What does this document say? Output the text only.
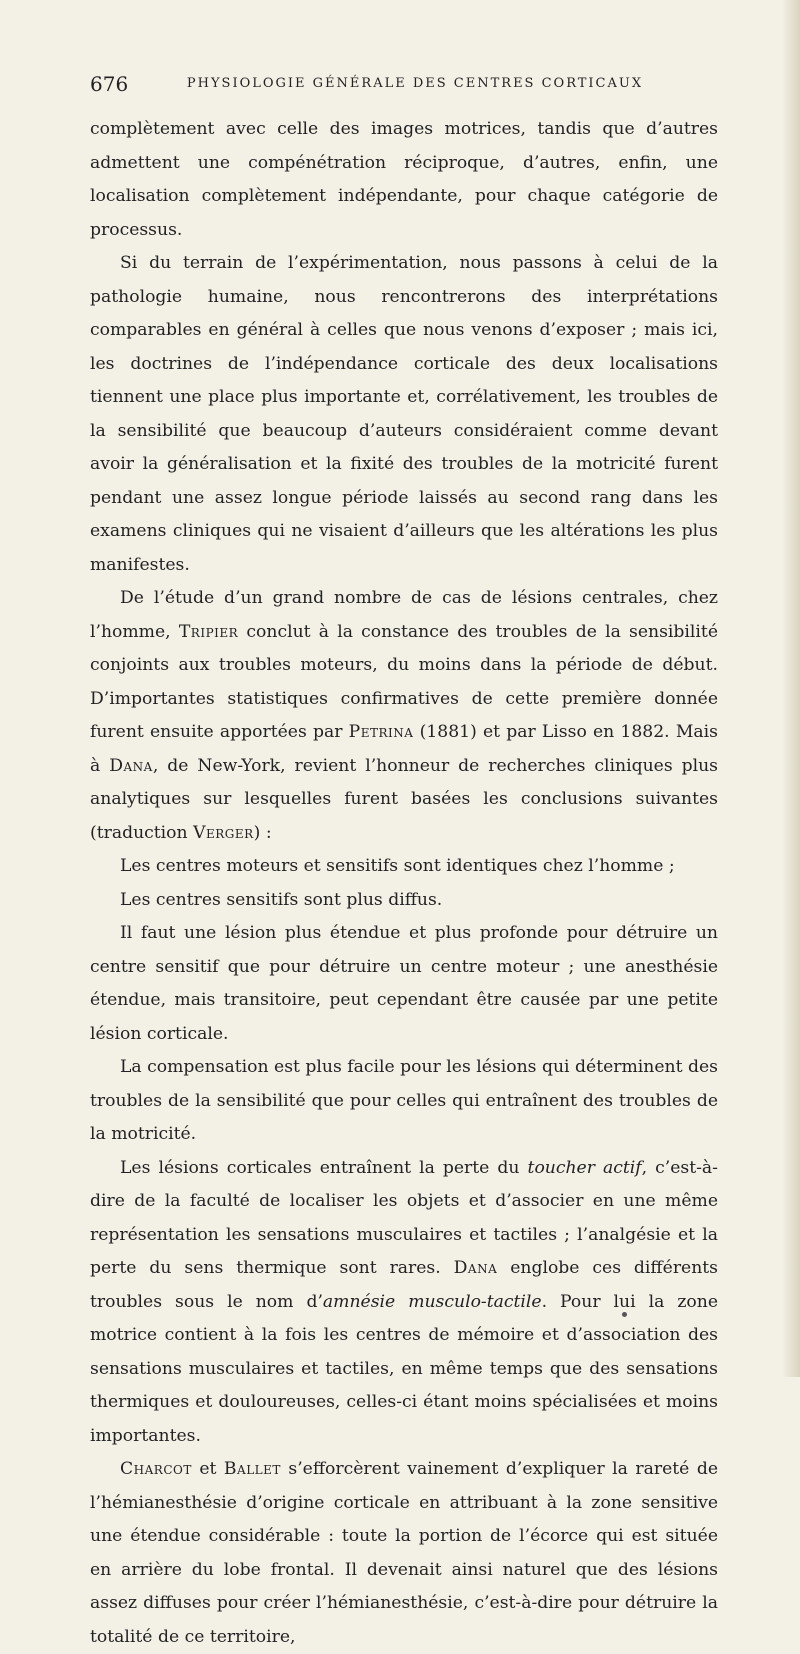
676	PHYSIOLOGIE GÉNÉRALE DES CENTRES CORTICAUX

complètement avec celle des images motrices, tandis que d’autres admettent une compénétration réciproque, d’autres, enfin, une localisation complètement indépendante, pour chaque catégorie de processus.

Si du terrain de l’expérimentation, nous passons à celui de la pathologie humaine, nous rencontrerons des interprétations comparables en général à celles que nous venons d’exposer ; mais ici, les doctrines de l’indépendance corticale des deux localisations tiennent une place plus importante et, corrélativement, les troubles de la sensibilité que beaucoup d’auteurs considéraient comme devant avoir la généralisation et la fixité des troubles de la motricité furent pendant une assez longue période laissés au second rang dans les examens cliniques qui ne visaient d’ailleurs que les altérations les plus manifestes.

De l’étude d’un grand nombre de cas de lésions centrales, chez l’homme, Tripier conclut à la constance des troubles de la sensibilité conjoints aux troubles moteurs, du moins dans la période de début. D’importantes statistiques confirmatives de cette première donnée furent ensuite apportées par Petrina (1881) et par Lisso en 1882. Mais à Dana, de New-York, revient l’honneur de recherches cliniques plus analytiques sur lesquelles furent basées les conclusions suivantes (traduction Verger) :

Les centres moteurs et sensitifs sont identiques chez l’homme ;

Les centres sensitifs sont plus diffus.

Il faut une lésion plus étendue et plus profonde pour détruire un centre sensitif que pour détruire un centre moteur ; une anesthésie étendue, mais transitoire, peut cependant être causée par une petite lésion corticale.

La compensation est plus facile pour les lésions qui déterminent des troubles de la sensibilité que pour celles qui entraînent des troubles de la motricité.

Les lésions corticales entraînent la perte du toucher actif, c’est-à-dire de la faculté de localiser les objets et d’associer en une même représentation les sensations musculaires et tactiles ; l’analgésie et la perte du sens thermique sont rares. Dana englobe ces différents troubles sous le nom d’amnésie musculo-tactile. Pour lui la zone motrice contient à la fois les centres de mémoire et d’association des sensations musculaires et tactiles, en même temps que des sensations thermiques et douloureuses, celles-ci étant moins spécialisées et moins importantes.

Charcot et Ballet s’efforcèrent vainement d’expliquer la rareté de l’hémianesthésie d’origine corticale en attribuant à la zone sensitive une étendue considérable : toute la portion de l’écorce qui est située en arrière du lobe frontal. Il devenait ainsi naturel que des lésions assez diffuses pour créer l’hémianesthésie, c’est-à-dire pour détruire la totalité de ce territoire,
